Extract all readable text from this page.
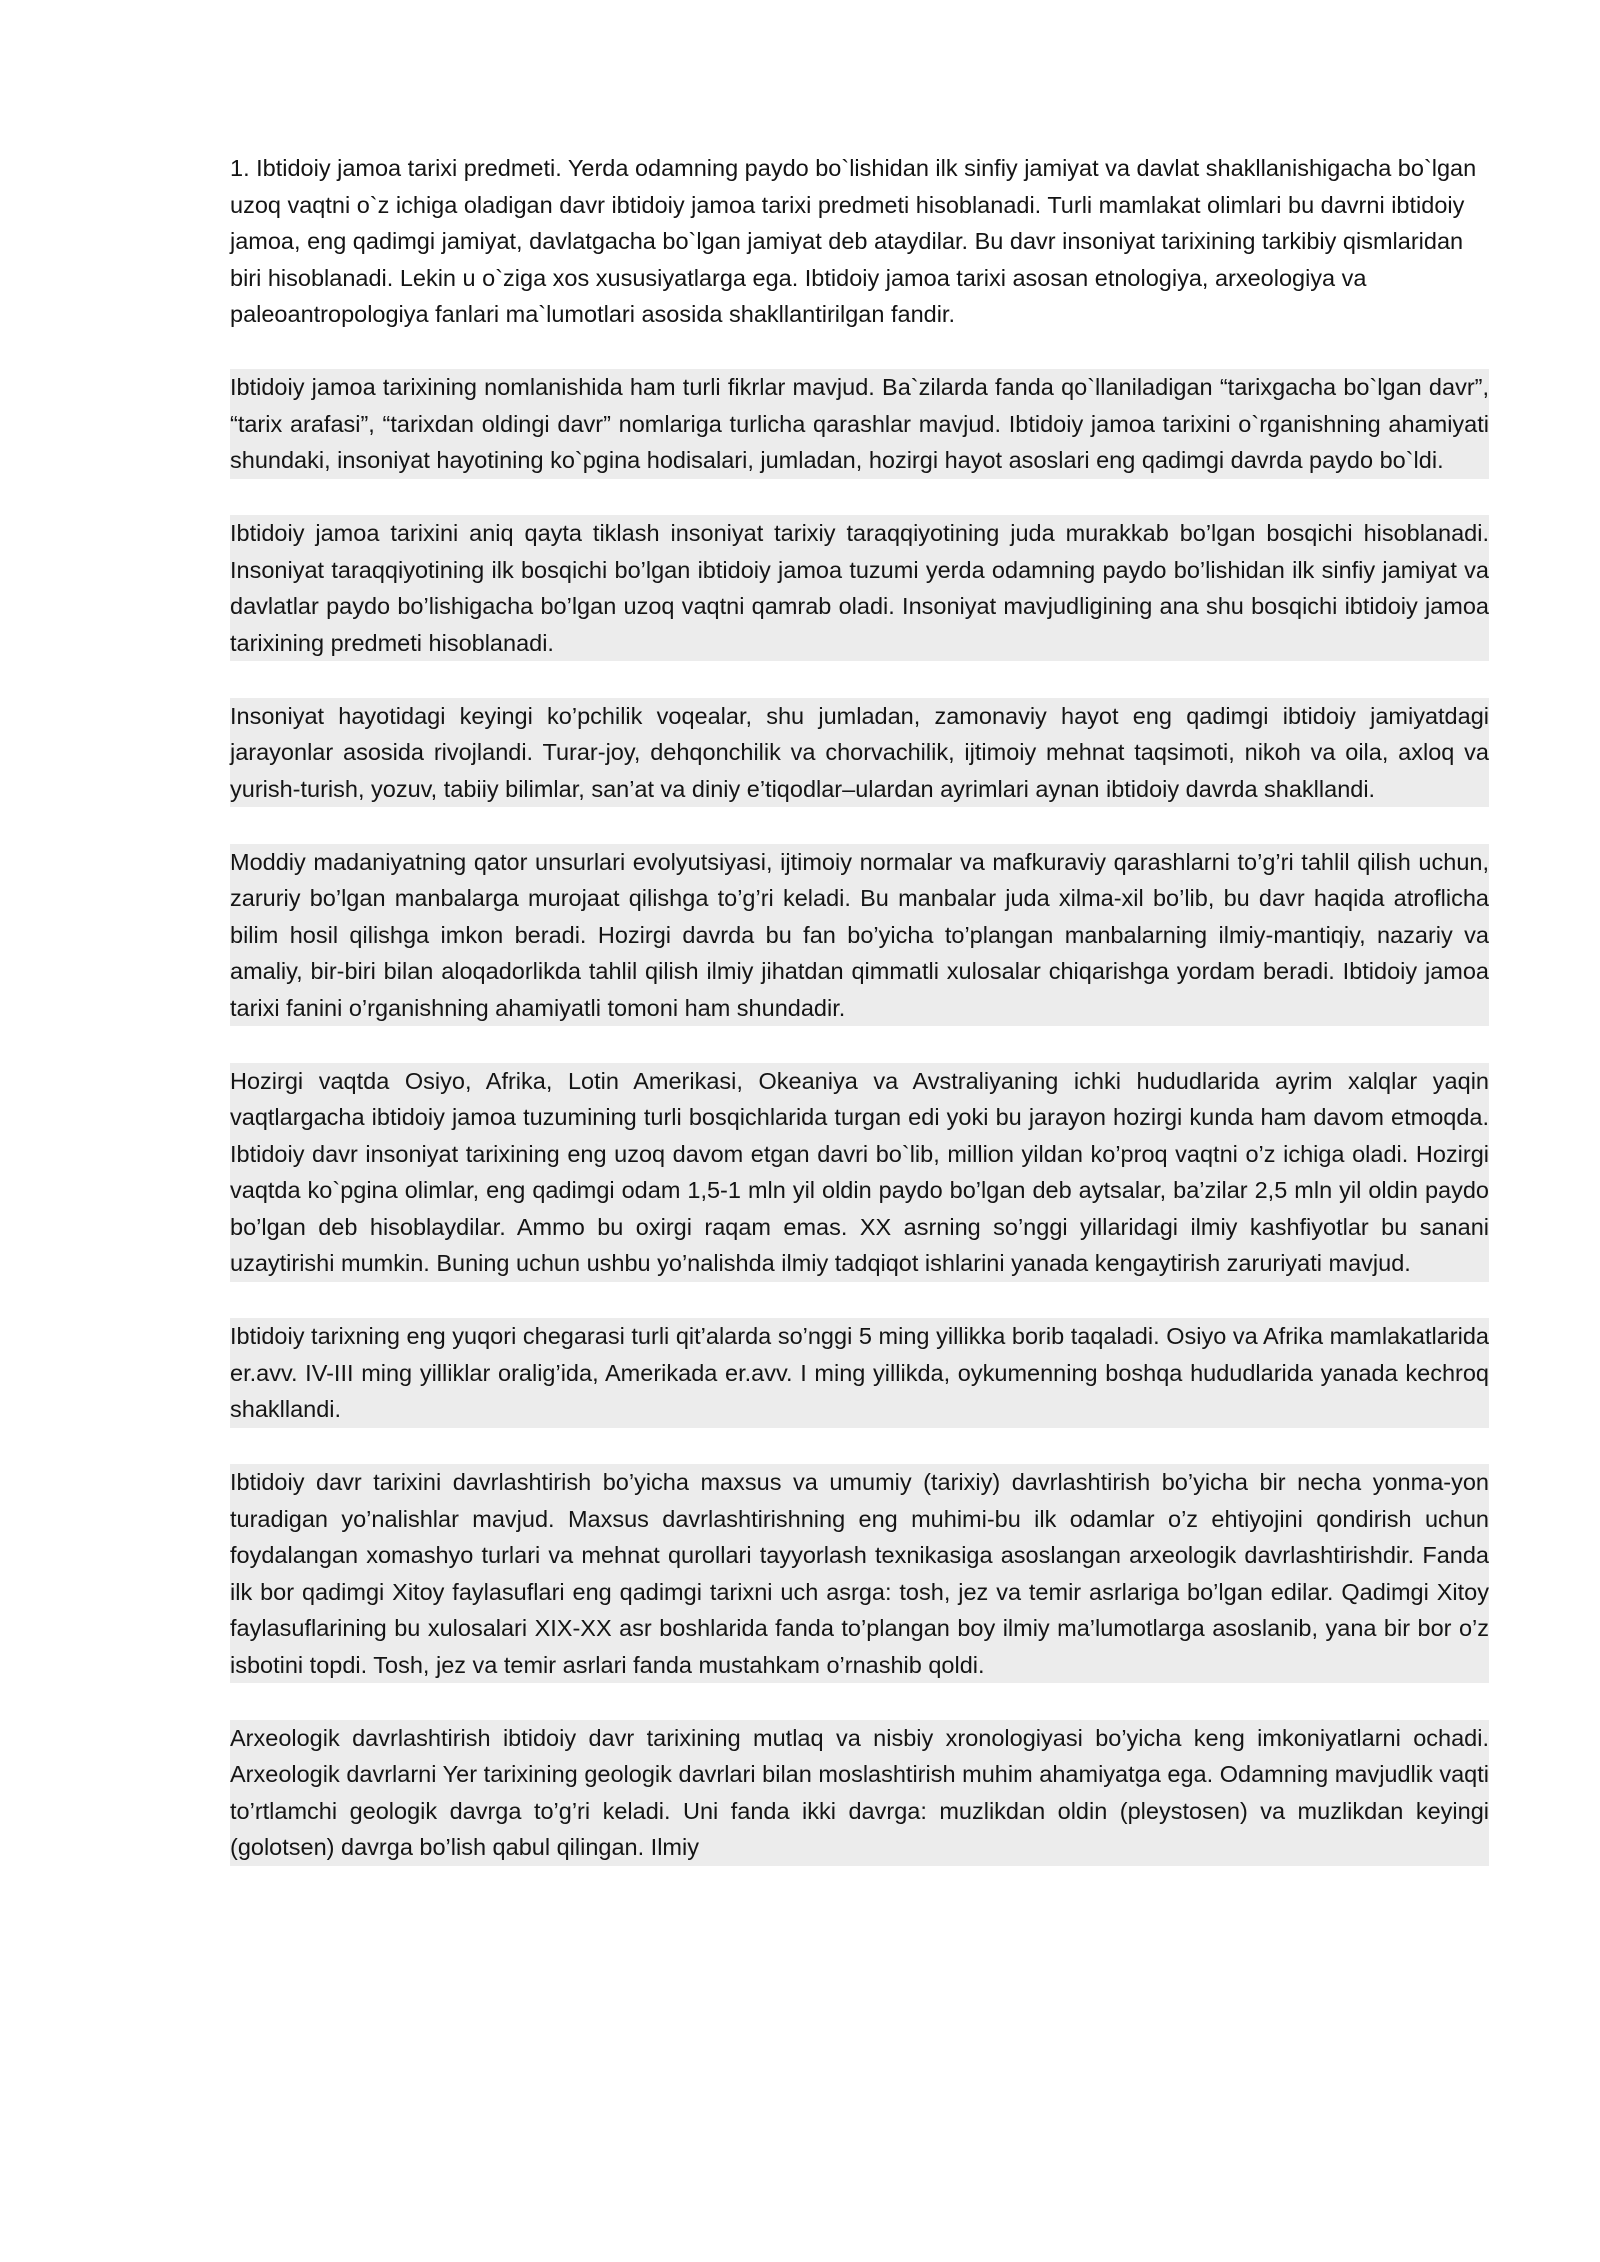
1. Ibtidoiy jamoa tarixi predmeti. Yerda odamning paydo bo`lishidan ilk sinfiy jamiyat va davlat shakllanishigacha bo`lgan uzoq vaqtni o`z ichiga oladigan davr ibtidoiy jamoa tarixi predmeti hisoblanadi. Turli mamlakat olimlari bu davrni ibtidoiy jamoa, eng qadimgi jamiyat, davlatgacha bo`lgan jamiyat deb ataydilar. Bu davr insoniyat tarixining tarkibiy qismlaridan biri hisoblanadi. Lekin u o`ziga xos xususiyatlarga ega. Ibtidoiy jamoa tarixi asosan etnologiya, arxeologiya va paleoantropologiya fanlari ma`lumotlari asosida shakllantirilgan fandir.

Ibtidoiy jamoa tarixining nomlanishida ham turli fikrlar mavjud. Ba`zilarda fanda qo`llaniladigan “tarixgacha bo`lgan davr”, “tarix arafasi”, “tarixdan oldingi davr” nomlariga turlicha qarashlar mavjud. Ibtidoiy jamoa tarixini o`rganishning ahamiyati shundaki, insoniyat hayotining ko`pgina hodisalari, jumladan, hozirgi hayot asoslari eng qadimgi davrda paydo bo`ldi.

Ibtidoiy jamoa tarixini aniq qayta tiklash insoniyat tarixiy taraqqiyotining juda murakkab bo’lgan bosqichi hisoblanadi. Insoniyat taraqqiyotining ilk bosqichi bo’lgan ibtidoiy jamoa tuzumi yerda odamning paydo bo’lishidan ilk sinfiy jamiyat va davlatlar paydo bo’lishigacha bo’lgan uzoq vaqtni qamrab oladi. Insoniyat mavjudligining ana shu bosqichi ibtidoiy jamoa tarixining predmeti hisoblanadi.

Insoniyat hayotidagi keyingi ko’pchilik voqealar, shu jumladan, zamonaviy hayot eng qadimgi ibtidoiy jamiyatdagi jarayonlar asosida rivojlandi. Turar-joy, dehqonchilik va chorvachilik, ijtimoiy mehnat taqsimoti, nikoh va oila, axloq va yurish-turish, yozuv, tabiiy bilimlar, san’at va diniy e’tiqodlar–ulardan ayrimlari aynan ibtidoiy davrda shakllandi.

Moddiy madaniyatning qator unsurlari evolyutsiyasi, ijtimoiy normalar va mafkuraviy qarashlarni to’g’ri tahlil qilish uchun, zaruriy bo’lgan manbalarga murojaat qilishga to’g’ri keladi. Bu manbalar juda xilma-xil bo’lib, bu davr haqida atroflicha bilim hosil qilishga imkon beradi. Hozirgi davrda bu fan bo’yicha to’plangan manbalarning ilmiy-mantiqiy, nazariy va amaliy, bir-biri bilan aloqadorlikda tahlil qilish ilmiy jihatdan qimmatli xulosalar chiqarishga yordam beradi. Ibtidoiy jamoa tarixi fanini o’rganishning ahamiyatli tomoni ham shundadir.

Hozirgi vaqtda Osiyo, Afrika, Lotin Amerikasi, Okeaniya va Avstraliyaning ichki hududlarida ayrim xalqlar yaqin vaqtlargacha ibtidoiy jamoa tuzumining turli bosqichlarida turgan edi yoki bu jarayon hozirgi kunda ham davom etmoqda. Ibtidoiy davr insoniyat tarixining eng uzoq davom etgan davri bo`lib, million yildan ko’proq vaqtni o’z ichiga oladi. Hozirgi vaqtda ko`pgina olimlar, eng qadimgi odam 1,5-1 mln yil oldin paydo bo’lgan deb aytsalar, ba’zilar 2,5 mln yil oldin paydo bo’lgan deb hisoblaydilar. Ammo bu oxirgi raqam emas. XX asrning so’nggi yillaridagi ilmiy kashfiyotlar bu sanani uzaytirishi mumkin. Buning uchun ushbu yo’nalishda ilmiy tadqiqot ishlarini yanada kengaytirish zaruriyati mavjud.

Ibtidoiy tarixning eng yuqori chegarasi turli qit’alarda so’nggi 5 ming yillikka borib taqaladi. Osiyo va Afrika mamlakatlarida er.avv. IV-III ming yilliklar oralig’ida, Amerikada er.avv. I ming yillikda, oykumenning boshqa hududlarida yanada kechroq shakllandi.

Ibtidoiy davr tarixini davrlashtirish bo’yicha maxsus va umumiy (tarixiy) davrlashtirish bo’yicha bir necha yonma-yon turadigan yo’nalishlar mavjud. Maxsus davrlashtirishning eng muhimi-bu ilk odamlar o’z ehtiyojini qondirish uchun foydalangan xomashyo turlari va mehnat qurollari tayyorlash texnikasiga asoslangan arxeologik davrlashtirishdir. Fanda ilk bor qadimgi Xitoy faylasuflari eng qadimgi tarixni uch asrga: tosh, jez va temir asrlariga bo’lgan edilar. Qadimgi Xitoy faylasuflarining bu xulosalari XIX-XX asr boshlarida fanda to’plangan boy ilmiy ma’lumotlarga asoslanib, yana bir bor o’z isbotini topdi. Tosh, jez va temir asrlari fanda mustahkam o’rnashib qoldi.

Arxeologik davrlashtirish ibtidoiy davr tarixining mutlaq va nisbiy xronologiyasi bo’yicha keng imkoniyatlarni ochadi. Arxeologik davrlarni Yer tarixining geologik davrlari bilan moslashtirish muhim ahamiyatga ega. Odamning mavjudlik vaqti to’rtlamchi geologik davrga to’g’ri keladi. Uni fanda ikki davrga: muzlikdan oldin (pleystosen) va muzlikdan keyingi (golotsen) davrga bo’lish qabul qilingan. Ilmiy
